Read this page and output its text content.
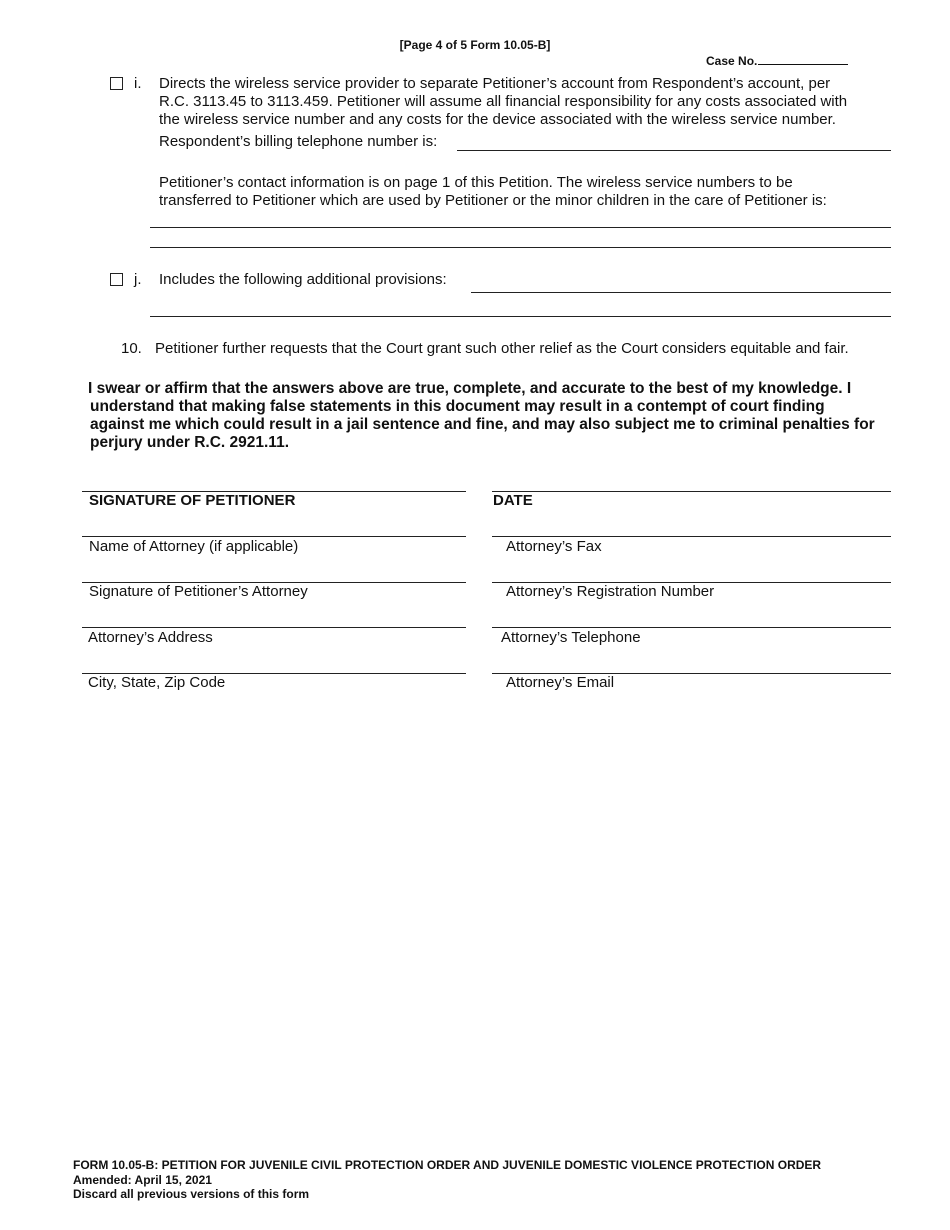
[Page 4 of 5 Form 10.05-B]
Case No.
i. Directs the wireless service provider to separate Petitioner’s account from Respondent’s account, per
R.C. 3113.45 to 3113.459. Petitioner will assume all financial responsibility for any costs associated with
the wireless service number and any costs for the device associated with the wireless service number.
Respondent’s billing telephone number is:
Petitioner’s contact information is on page 1 of this Petition. The wireless service numbers to be
transferred to Petitioner which are used by Petitioner or the minor children in the care of Petitioner is:
j. Includes the following additional provisions:
10. Petitioner further requests that the Court grant such other relief as the Court considers equitable and fair.
I swear or affirm that the answers above are true, complete, and accurate to the best of my knowledge. I
understand that making false statements in this document may result in a contempt of court finding
against me which could result in a jail sentence and fine, and may also subject me to criminal penalties for
perjury under R.C. 2921.11.
SIGNATURE OF PETITIONER
Name of Attorney (if applicable)
Signature of Petitioner’s Attorney
Attorney’s Address
City, State, Zip Code
DATE
Attorney’s Fax
Attorney’s Registration Number
Attorney’s Telephone
Attorney’s Email
FORM 10.05-B: PETITION FOR JUVENILE CIVIL PROTECTION ORDER AND JUVENILE DOMESTIC VIOLENCE PROTECTION ORDER
Amended: April 15, 2021
Discard all previous versions of this form
